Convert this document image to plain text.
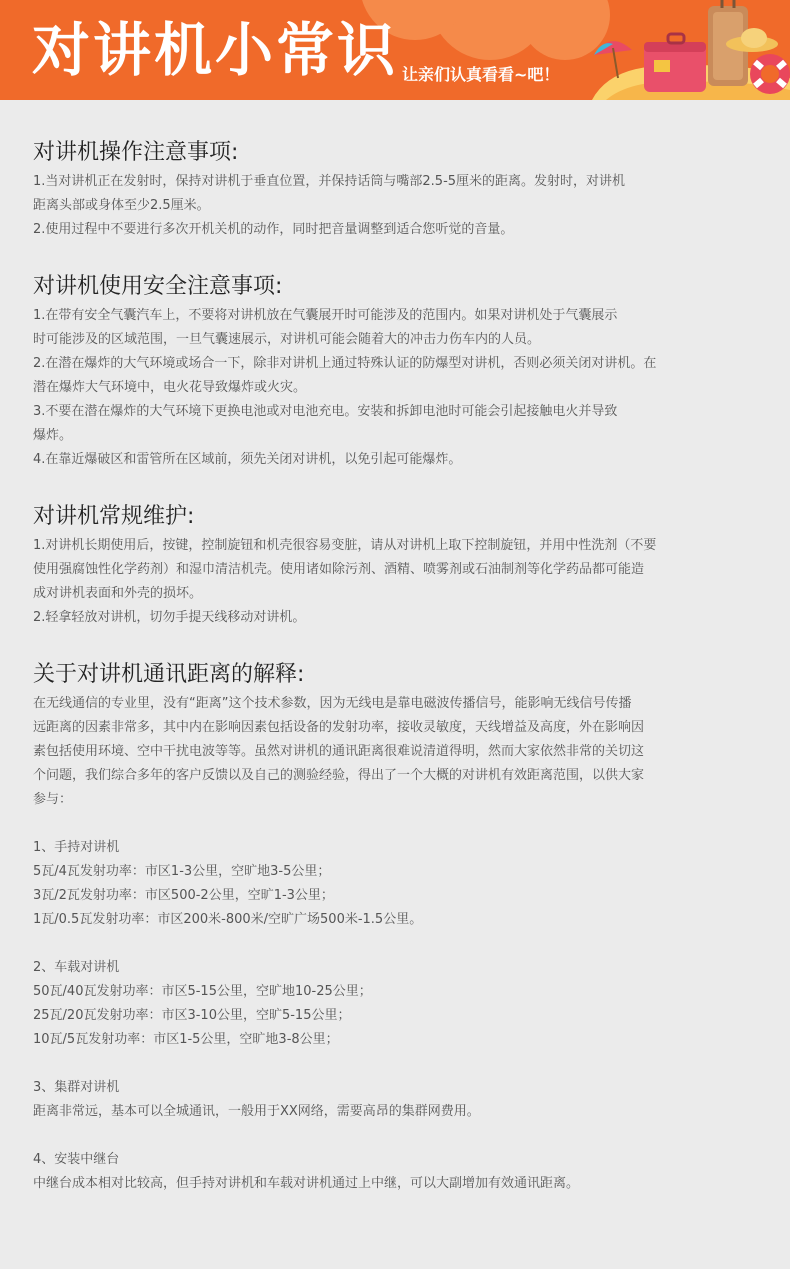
对讲机小常识 让亲们认真看看~吧！
对讲机操作注意事项:
1.当对讲机正在发射时，保持对讲机于垂直位置，并保持话筒与嘴部2.5-5厘米的距离。发射时，对讲机
距离头部或身体至少2.5厘米。
2.使用过程中不要进行多次开机关机的动作，同时把音量调整到适合您听觉的音量。
对讲机使用安全注意事项:
1.在带有安全气囊汽车上，不要将对讲机放在气囊展开时可能涉及的范围内。如果对讲机处于气囊展示
时可能涉及的区域范围，一旦气囊速展示，对讲机可能会随着大的冲击力伤车内的人员。
2.在潜在爆炸的大气环境或场合一下，除非对讲机上通过特殊认证的防爆型对讲机，否则必须关闭对讲机。在
潜在爆炸大气环境中，电火花导致爆炸或火灾。
3.不要在潜在爆炸的大气环境下更换电池或对电池充电。安装和拆卸电池时可能会引起接触电火并导致
爆炸。
4.在靠近爆破区和雷管所在区域前，须先关闭对讲机，以免引起可能爆炸。
对讲机常规维护:
1.对讲机长期使用后，按键，控制旋钮和机壳很容易变脏，请从对讲机上取下控制旋钮，并用中性洗剂（不要
使用强腐蚀性化学药剂）和湿巾清洁机壳。使用诸如除污剂、酒精、喷雾剂或石油制剂等化学药品都可能造
成对讲机表面和外壳的损坏。
2.轻拿轻放对讲机，切勿手提天线移动对讲机。
关于对讲机通讯距离的解释:
在无线通信的专业里，没有“距离”这个技术参数，因为无线电是靠电磁波传播信号，能影响无线信号传播
远距离的因素非常多，其中内在影响因素包括设备的发射功率，接收灵敏度，天线增益及高度，外在影响因
素包括使用环境、空中干扰电波等等。虽然对讲机的通讯距离很难说清道得明，然而大家依然非常的关切这
个问题，我们综合多年的客户反馈以及自己的测验经验，得出了一个大概的对讲机有效距离范围，以供大家
参与：
1、手持对讲机
5瓦/4瓦发射功率：市区1-3公里，空旷地3-5公里；
3瓦/2瓦发射功率：市区500-2公里，空旷1-3公里；
1瓦/0.5瓦发射功率：市区200米-800米/空旷广场500米-1.5公里。
2、车载对讲机
50瓦/40瓦发射功率：市区5-15公里，空旷地10-25公里；
25瓦/20瓦发射功率：市区3-10公里，空旷5-15公里；
10瓦/5瓦发射功率：市区1-5公里，空旷地3-8公里；
3、集群对讲机
距离非常远，基本可以全城通讯，一般用于XX网络，需要高昂的集群网费用。
4、安装中继台
中继台成本相对比较高，但手持对讲机和车载对讲机通过上中继，可以大副增加有效通讯距离。
